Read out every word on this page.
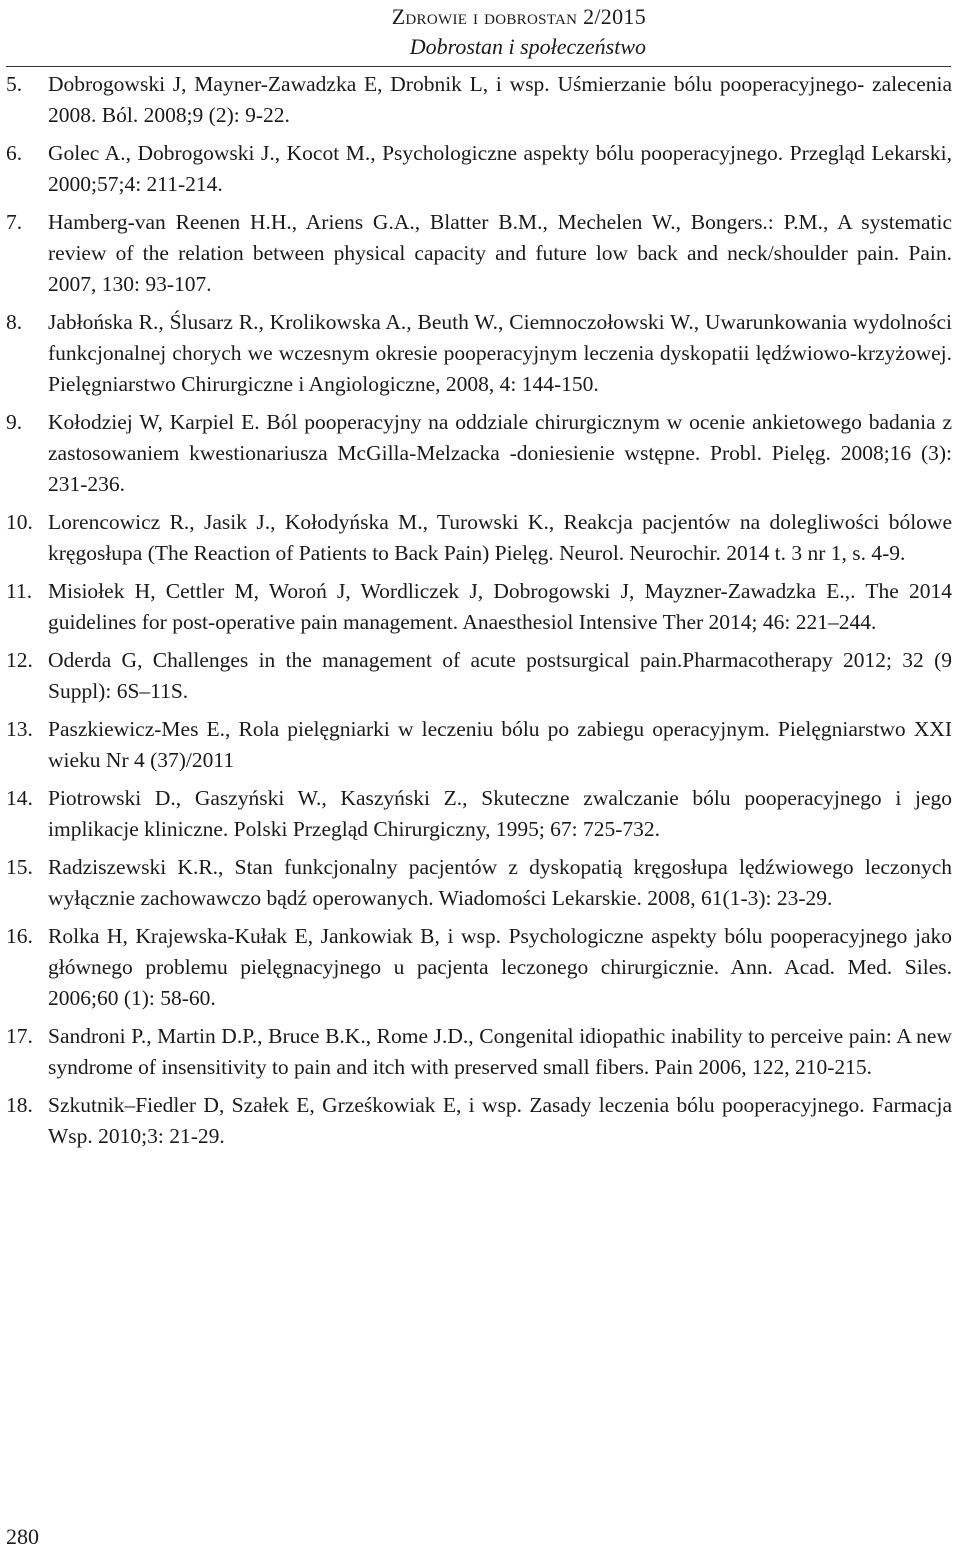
Zdrowie i dobrostan 2/2015
Dobrostan i społeczeństwo
5.	Dobrogowski J, Mayner-Zawadzka E, Drobnik L, i wsp. Uśmierzanie bólu pooperacyjnego- zalecenia 2008. Ból. 2008;9 (2): 9-22.
6.	Golec A., Dobrogowski J., Kocot M., Psychologiczne aspekty bólu pooperacyjnego. Przegląd Lekarski, 2000;57;4: 211-214.
7.	Hamberg-van Reenen H.H., Ariens G.A., Blatter B.M., Mechelen W., Bongers.: P.M., A systematic review of the relation between physical capacity and future low back and neck/shoulder pain. Pain. 2007, 130: 93-107.
8.	Jabłońska R., Ślusarz R., Krolikowska A., Beuth W., Ciemnoczołowski W., Uwarunkowania wydolności funkcjonalnej chorych we wczesnym okresie pooperacyjnym leczenia dyskopatii lędźwiowo-krzyżowej. Pielęgniarstwo Chirurgiczne i Angiologiczne, 2008, 4: 144-150.
9.	Kołodziej W, Karpiel E. Ból pooperacyjny na oddziale chirurgicznym w ocenie ankietowego badania z zastosowaniem kwestionariusza McGilla-Melzacka -doniesienie wstępne. Probl. Pielęg. 2008;16 (3): 231-236.
10. Lorencowicz R., Jasik J., Kołodyńska M., Turowski K., Reakcja pacjentów na dolegliwości bólowe kręgosłupa (The Reaction of Patients to Back Pain) Pielęg. Neurol. Neurochir. 2014 t. 3 nr 1, s. 4-9.
11. Misiołek H, Cettler M, Woroń J, Wordliczek J, Dobrogowski J, Mayzner-Zawadzka E.,. The 2014 guidelines for post-operative pain management. Anaesthesiol Intensive Ther 2014; 46: 221–244.
12. Oderda G, Challenges in the management of acute postsurgical pain.Pharmacotherapy 2012; 32 (9 Suppl): 6S–11S.
13. Paszkiewicz-Mes E., Rola pielęgniarki w leczeniu bólu po zabiegu operacyjnym. Pielęgniarstwo XXI wieku Nr 4 (37)/2011
14. Piotrowski D., Gaszyński W., Kaszyński Z., Skuteczne zwalczanie bólu pooperacyjnego i jego implikacje kliniczne. Polski Przegląd Chirurgiczny, 1995; 67: 725-732.
15. Radziszewski K.R., Stan funkcjonalny pacjentów z dyskopatią kręgosłupa lędźwiowego leczonych wyłącznie zachowawczo bądź operowanych. Wiadomości Lekarskie. 2008, 61(1-3): 23-29.
16. Rolka H, Krajewska-Kułak E, Jankowiak B, i wsp. Psychologiczne aspekty bólu pooperacyjnego jako głównego problemu pielęgnacyjnego u pacjenta leczonego chirurgicznie. Ann. Acad. Med. Siles. 2006;60 (1): 58-60.
17. Sandroni P., Martin D.P., Bruce B.K., Rome J.D., Congenital idiopathic inability to perceive pain: A new syndrome of insensitivity to pain and itch with preserved small fibers. Pain 2006, 122, 210-215.
18. Szkutnik–Fiedler D, Szałek E, Grześkowiak E, i wsp. Zasady leczenia bólu pooperacyjnego. Farmacja Wsp. 2010;3: 21-29.
280
